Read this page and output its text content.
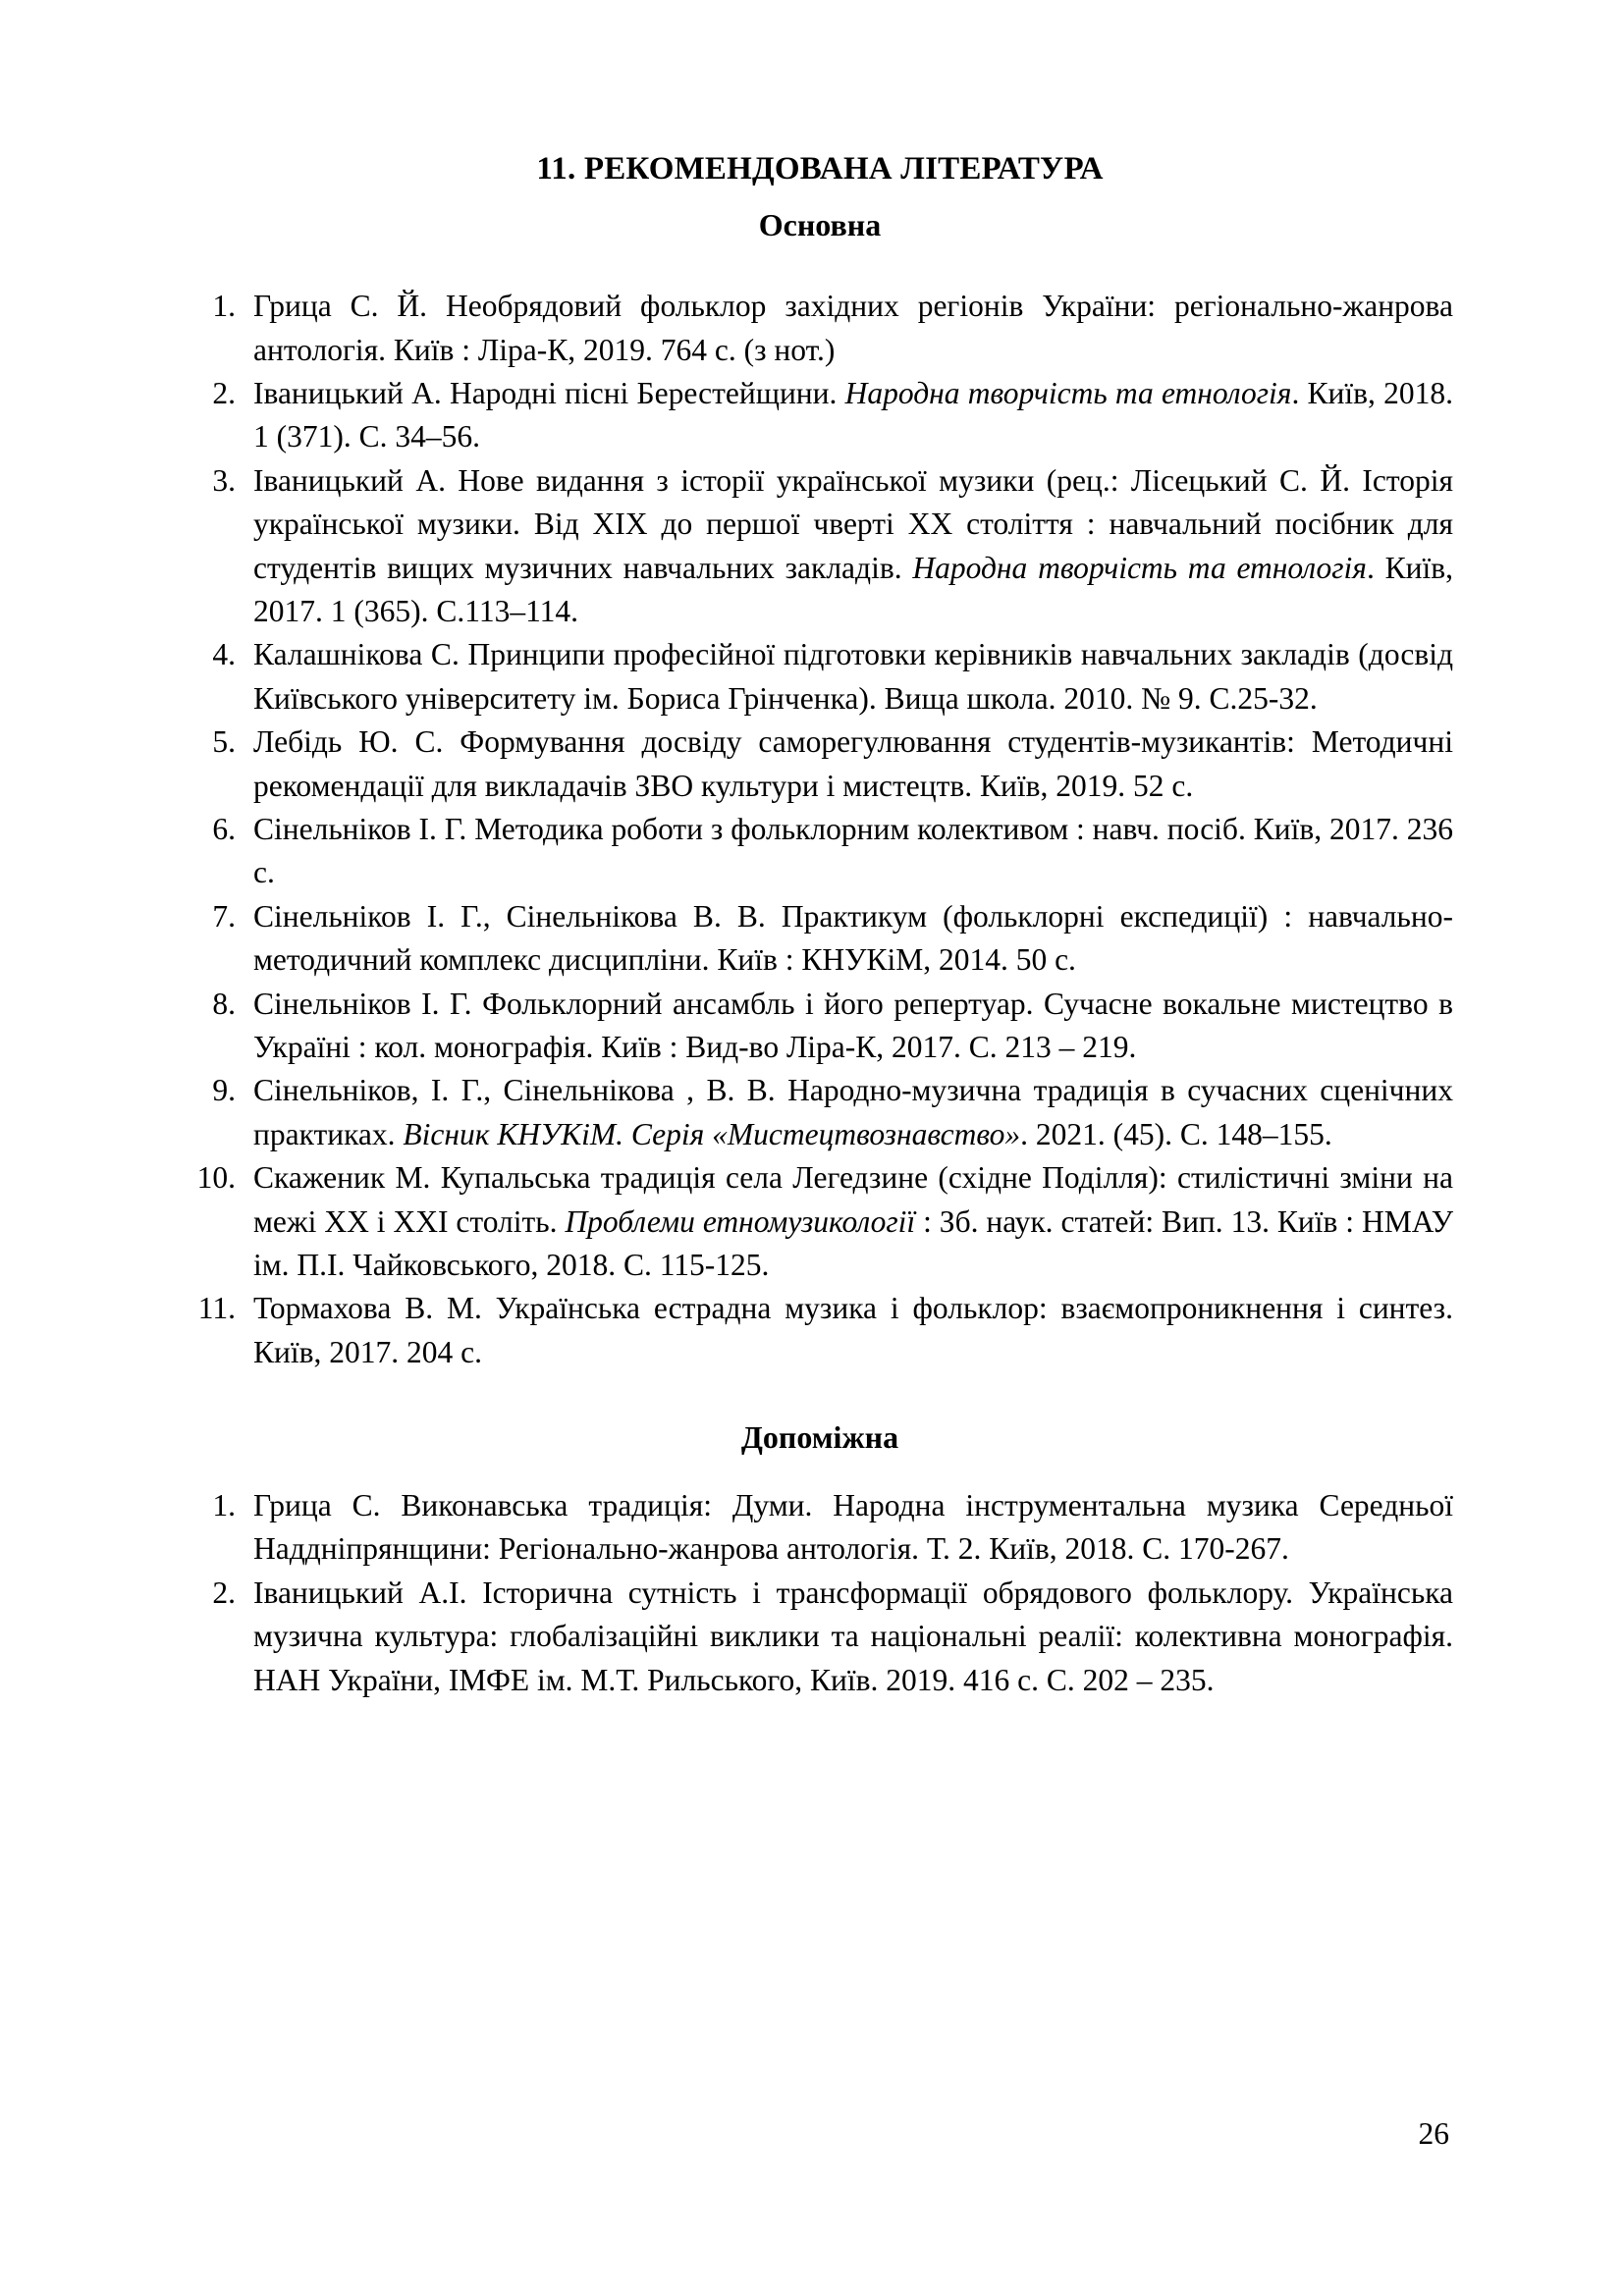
11. РЕКОМЕНДОВАНА ЛІТЕРАТУРА
Основна
Грица С. Й. Необрядовий фольклор західних регіонів України: регіонально-жанрова антологія. Київ : Ліра-К, 2019. 764 с. (з нот.)
Іваницький А. Народні пісні Берестейщини. Народна творчість та етнологія. Київ, 2018. 1 (371). С. 34–56.
Іваницький А. Нове видання з історії української музики (рец.: Лісецький С. Й. Історія української музики. Від ХIХ до першої чверті ХХ століття : навчальний посібник для студентів вищих музичних навчальних закладів. Народна творчість та етнологія. Київ, 2017. 1 (365). С.113–114.
Калашнікова С. Принципи професійної підготовки керівників навчальних закладів (досвід Київського університету ім. Бориса Грінченка). Вища школа. 2010. № 9. С.25-32.
Лебідь Ю. С. Формування досвіду саморегулювання студентів-музикантів: Методичні рекомендації для викладачів ЗВО культури і мистецтв. Київ, 2019. 52 с.
Сінельніков І. Г. Методика роботи з фольклорним колективом : навч. посіб. Київ, 2017. 236 с.
Сінельніков І. Г., Сінельнікова В. В. Практикум (фольклорні експедиції) : навчально-методичний комплекс дисципліни. Київ : КНУКіМ, 2014. 50 с.
Сінельніков І. Г. Фольклорний ансамбль і його репертуар. Сучасне вокальне мистецтво в Україні : кол. монографія. Київ : Вид-во Ліра-К, 2017. С. 213 – 219.
Сінельніков, І. Г., Сінельнікова , В. В. Народно-музична традиція в сучасних сценічних практиках. Вісник КНУКіМ. Серія «Мистецтвознавство». 2021. (45). С. 148–155.
Скаженик М. Купальська традиція села Легедзине (східне Поділля): стилістичні зміни на межі ХХ і ХХI століть. Проблеми етномузикології : Зб. наук. статей: Вип. 13. Київ : НМАУ ім. П.І. Чайковського, 2018. С. 115-125.
Тормахова В. М. Українська естрадна музика і фольклор: взаємопроникнення і синтез. Київ, 2017. 204 с.
Допоміжна
Грица С. Виконавська традиція: Думи. Народна інструментальна музика Середньої Наддніпрянщини: Регіонально-жанрова антологія. Т. 2. Київ, 2018. С. 170-267.
Іваницький А.І. Історична сутність і трансформації обрядового фольклору. Українська музична культура: глобалізаційні виклики та національні реалії: колективна монографія. НАН України, ІМФЕ ім. М.Т. Рильського, Київ. 2019. 416 с. С. 202 – 235.
26
